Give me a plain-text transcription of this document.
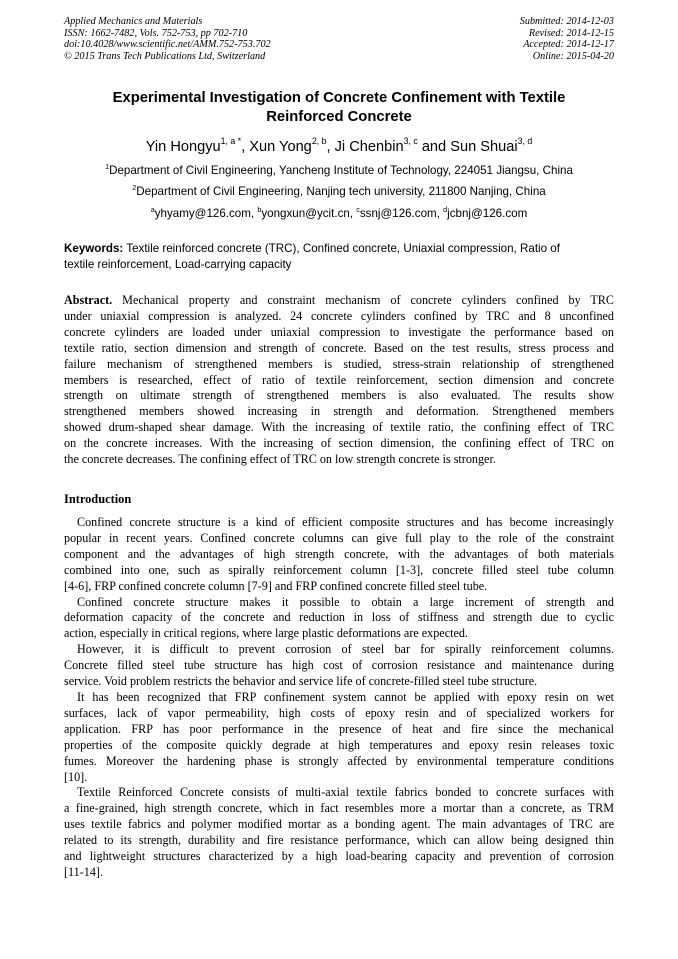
Applied Mechanics and Materials
ISSN: 1662-7482, Vols. 752-753, pp 702-710
doi:10.4028/www.scientific.net/AMM.752-753.702
© 2015 Trans Tech Publications Ltd, Switzerland
Submitted: 2014-12-03
Revised: 2014-12-15
Accepted: 2014-12-17
Online: 2015-04-20
Experimental Investigation of Concrete Confinement with Textile
Reinforced Concrete
Yin Hongyu$^{1, a *}$, Xun Yong$^{2, b}$, Ji Chenbin$^{3, c}$ and Sun Shuai$^{3, d}$
$^1$Department of Civil Engineering, Yancheng Institute of Technology, 224051 Jiangsu, China
$^2$Department of Civil Engineering, Nanjing tech university, 211800 Nanjing, China
$^a$yhyamy@126.com, $^b$yongxun@ycit.cn, $^c$ssnj@126.com, $^d$jcbnj@126.com
Keywords: Textile reinforced concrete (TRC), Confined concrete, Uniaxial compression, Ratio of
textile reinforcement, Load-carrying capacity
Abstract. Mechanical property and constraint mechanism of concrete cylinders confined by TRC
under uniaxial compression is analyzed. 24 concrete cylinders confined by TRC and 8 unconfined
concrete cylinders are loaded under uniaxial compression to investigate the performance based on
textile ratio, section dimension and strength of concrete. Based on the test results, stress process and
failure mechanism of strengthened members is studied, stress-strain relationship of strengthened
members is researched, effect of ratio of textile reinforcement, section dimension and concrete
strength on ultimate strength of strengthened members is also evaluated. The results show
strengthened members showed increasing in strength and deformation. Strengthened members
showed drum-shaped shear damage. With the increasing of textile ratio, the confining effect of TRC
on the concrete increases. With the increasing of section dimension, the confining effect of TRC on
the concrete decreases. The confining effect of TRC on low strength concrete is stronger.
Introduction
Confined concrete structure is a kind of efficient composite structures and has become increasingly
popular in recent years. Confined concrete columns can give full play to the role of the constraint
component and the advantages of high strength concrete, with the advantages of both materials
combined into one, such as spirally reinforcement column [1-3], concrete filled steel tube column
[4-6], FRP confined concrete column [7-9] and FRP confined concrete filled steel tube.
Confined concrete structure makes it possible to obtain a large increment of strength and
deformation capacity of the concrete and reduction in loss of stiffness and strength due to cyclic
action, especially in critical regions, where large plastic deformations are expected.
However, it is difficult to prevent corrosion of steel bar for spirally reinforcement columns.
Concrete filled steel tube structure has high cost of corrosion resistance and maintenance during
service. Void problem restricts the behavior and service life of concrete-filled steel tube structure.
It has been recognized that FRP confinement system cannot be applied with epoxy resin on wet
surfaces, lack of vapor permeability, high costs of epoxy resin and of specialized workers for
application. FRP has poor performance in the presence of heat and fire since the mechanical
properties of the composite quickly degrade at high temperatures and epoxy resin releases toxic
fumes. Moreover the hardening phase is strongly affected by environmental temperature conditions
[10].
Textile Reinforced Concrete consists of multi-axial textile fabrics bonded to concrete surfaces with
a fine-grained, high strength concrete, which in fact resembles more a mortar than a concrete, as TRM
uses textile fabrics and polymer modified mortar as a bonding agent. The main advantages of TRC are
related to its strength, durability and fire resistance performance, which can allow being designed thin
and lightweight structures characterized by a high load-bearing capacity and prevention of corrosion
[11-14].
